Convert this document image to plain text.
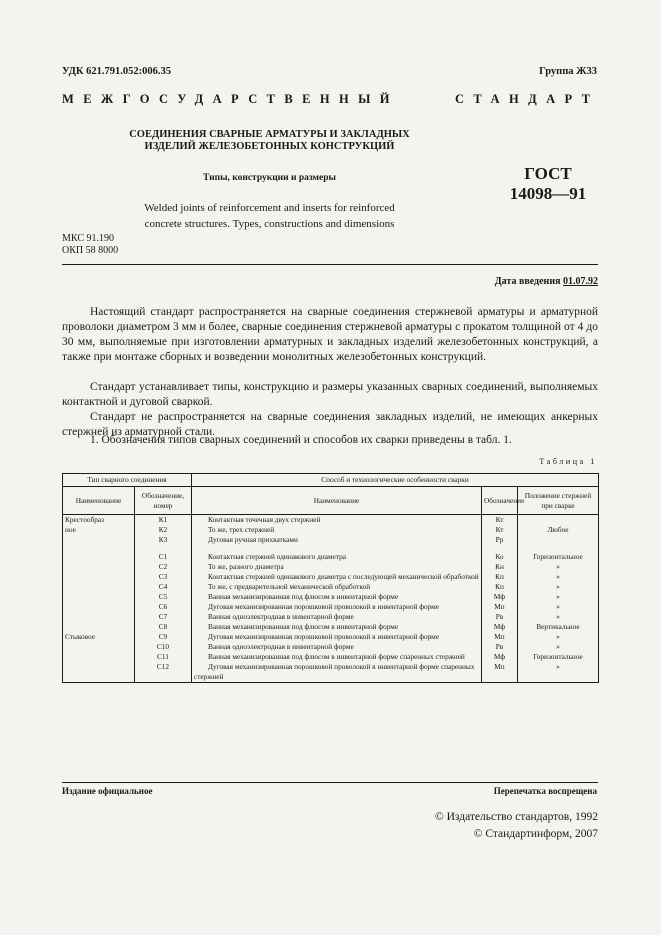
УДК 621.791.052:006.35	Группа Ж33
МЕЖГОСУДАРСТВЕННЫЙ	СТАНДАРТ
СОЕДИНЕНИЯ СВАРНЫЕ АРМАТУРЫ И ЗАКЛАДНЫХ
ИЗДЕЛИЙ ЖЕЛЕЗОБЕТОННЫХ КОНСТРУКЦИЙ
Типы, конструкции и размеры	ГОСТ
14098—91
Welded joints of reinforcement and inserts for reinforced
concrete structures. Types, constructions and dimensions
МКС 91.190
ОКП 58 8000
Дата введения 01.07.92
Настоящий стандарт распространяется на сварные соединения стержневой арматуры и арматурной проволоки диаметром 3 мм и более, сварные соединения стержневой арматуры с прокатом толщиной от 4 до 30 мм, выполняемые при изготовлении арматурных и закладных изделий железобетонных конструкций, а также при монтаже сборных и возведении монолитных железобетонных конструкций.
Стандарт устанавливает типы, конструкцию и размеры указанных сварных соединений, выполняемых контактной и дуговой сваркой.
Стандарт не распространяется на сварные соединения закладных изделий, не имеющих анкерных стержней из арматурной стали.
1. Обозначения типов сварных соединений и способов их сварки приведены в табл. 1.
Таблица 1
Тип сварного соединения		Способ и технологические особенности сварки		
Наименование	Обозначение, номер	Наименование	Обозначение	Положение стержней при сварке
Крестообраз	К1	Контактная точечная двух стержней	Кт	
ное	К2	То же, трех стержней	Кт	Любое
	К3	Дуговая ручная прихватками	Рр	
	С1	Контактная стержней одинакового диаметра	Ко	Горизонтальное
	С2	То же, разного диаметра	Кн	»
	С3	Контактная стержней одинакового диаметра с последующей механической обработкой	Кп	»
	С4	То же, с предварительной механической обработкой	Кп	»
	С5	Ванная механизированная под флюсом в инвентарной форме	Мф	»
	С6	Дуговая механизированная порошковой проволокой в инвентарной форме	Мп	»
	С7	Ванная одноэлектродная в инвентарной форме	Рв	»
	С8	Ванная механизированная под флюсом в инвентарной форме	Мф	Вертикальное
Стыковое	С9	Дуговая механизированная порошковой проволокой в инвентарной форме	Мп	»
	С10	Ванная одноэлектродная в инвентарной форме	Рв	»
	С11	Ванная механизированная под флюсом в инвентарной форме спаренных стержней	Мф	Горизонтальное
	С12	Дуговая механизированная порошковой проволокой в инвентарной форме спаренных стержней	Мп	»
Издание официальное	Перепечатка воспрещена
© Издательство стандартов, 1992
© Стандартинформ, 2007
